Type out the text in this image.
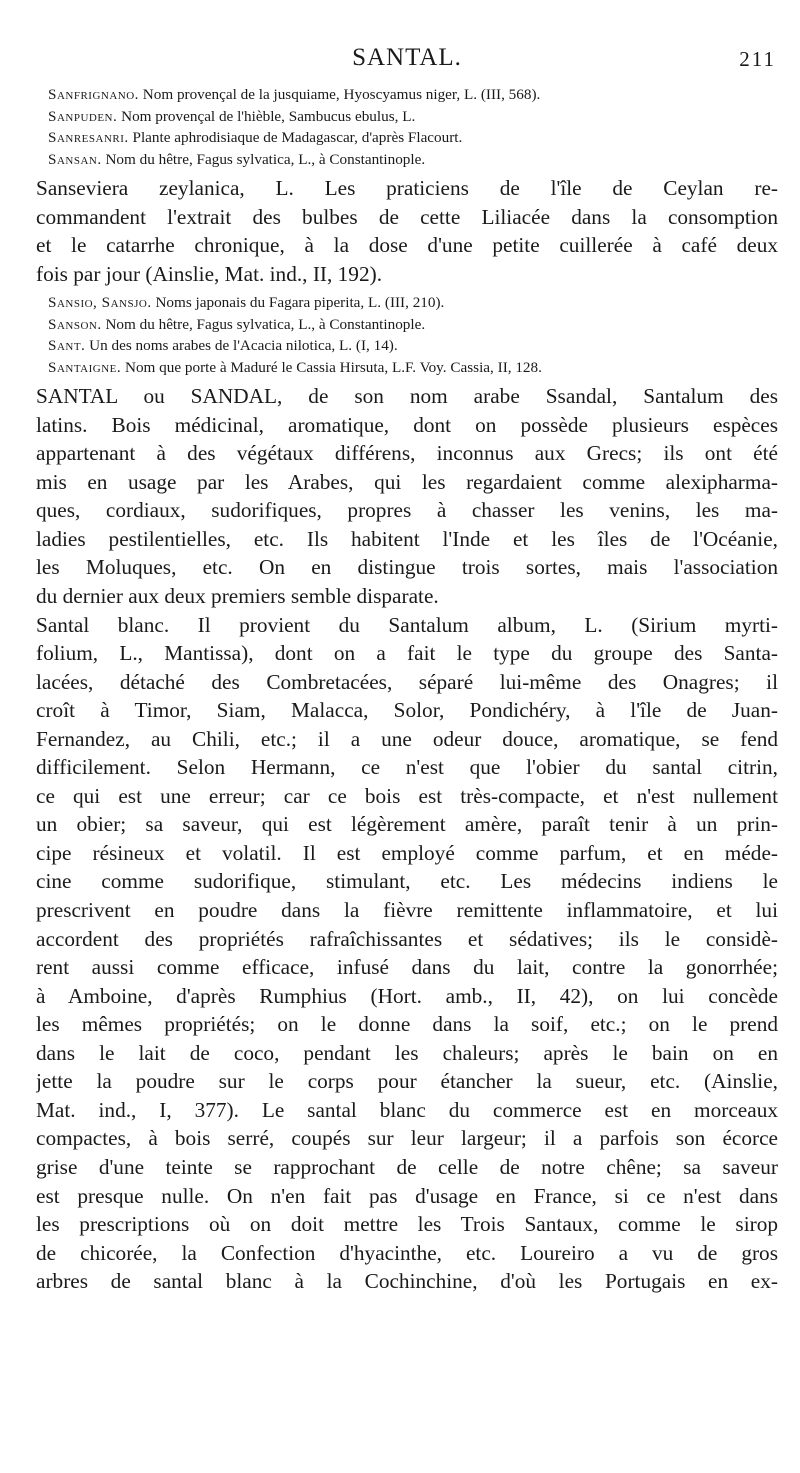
SANTAL.	211
Sanfrignano. Nom provençal de la jusquiame, Hyoscyamus niger, L. (III, 568).
Sanpuden. Nom provençal de l'hièble, Sambucus ebulus, L.
Sanresanri. Plante aphrodisiaque de Madagascar, d'après Flacourt.
Sansan. Nom du hêtre, Fagus sylvatica, L., à Constantinople.

Sanseviera zeylanica, L. Les praticiens de l'île de Ceylan re-
commandent l'extrait des bulbes de cette Liliacée dans la consomption
et le catarrhe chronique, à la dose d'une petite cuillerée à café deux
fois par jour (Ainslie, Mat. ind., II, 192).

Sansio, Sansjo. Noms japonais du Fagara piperita, L. (III, 210).
Sanson. Nom du hêtre, Fagus sylvatica, L., à Constantinople.
Sant. Un des noms arabes de l'Acacia nilotica, L. (I, 14).
Santaigne. Nom que porte à Maduré le Cassia Hirsuta, L.F. Voy. Cassia, II, 128.

SANTAL ou SANDAL, de son nom arabe Ssandal, Santalum des
latins. Bois médicinal, aromatique, dont on possède plusieurs espèces
appartenant à des végétaux différens, inconnus aux Grecs; ils ont été
mis en usage par les Arabes, qui les regardaient comme alexipharma-
ques, cordiaux, sudorifiques, propres à chasser les venins, les ma-
ladies pestilentielles, etc. Ils habitent l'Inde et les îles de l'Océanie,
les Moluques, etc. On en distingue trois sortes, mais l'association
du dernier aux deux premiers semble disparate.

Santal blanc. Il provient du Santalum album, L. (Sirium myrti-
folium, L., Mantissa), dont on a fait le type du groupe des Santa-
lacées, détaché des Combretacées, séparé lui-même des Onagres; il
croît à Timor, Siam, Malacca, Solor, Pondichéry, à l'île de Juan-
Fernandez, au Chili, etc.; il a une odeur douce, aromatique, se fend
difficilement. Selon Hermann, ce n'est que l'obier du santal citrin,
ce qui est une erreur; car ce bois est très-compacte, et n'est nullement
un obier; sa saveur, qui est légèrement amère, paraît tenir à un prin-
cipe résineux et volatil. Il est employé comme parfum, et en méde-
cine comme sudorifique, stimulant, etc. Les médecins indiens le
prescrivent en poudre dans la fièvre remittente inflammatoire, et lui
accordent des propriétés rafraîchissantes et sédatives; ils le considè-
rent aussi comme efficace, infusé dans du lait, contre la gonorrhée;
à Amboine, d'après Rumphius (Hort. amb., II, 42), on lui concède
les mêmes propriétés; on le donne dans la soif, etc.; on le prend
dans le lait de coco, pendant les chaleurs; après le bain on en
jette la poudre sur le corps pour étancher la sueur, etc. (Ainslie,
Mat. ind., I, 377). Le santal blanc du commerce est en morceaux
compactes, à bois serré, coupés sur leur largeur; il a parfois son écorce
grise d'une teinte se rapprochant de celle de notre chêne; sa saveur
est presque nulle. On n'en fait pas d'usage en France, si ce n'est dans
les prescriptions où on doit mettre les Trois Santaux, comme le sirop
de chicorée, la Confection d'hyacinthe, etc. Loureiro a vu de gros
arbres de santal blanc à la Cochinchine, d'où les Portugais en ex-
